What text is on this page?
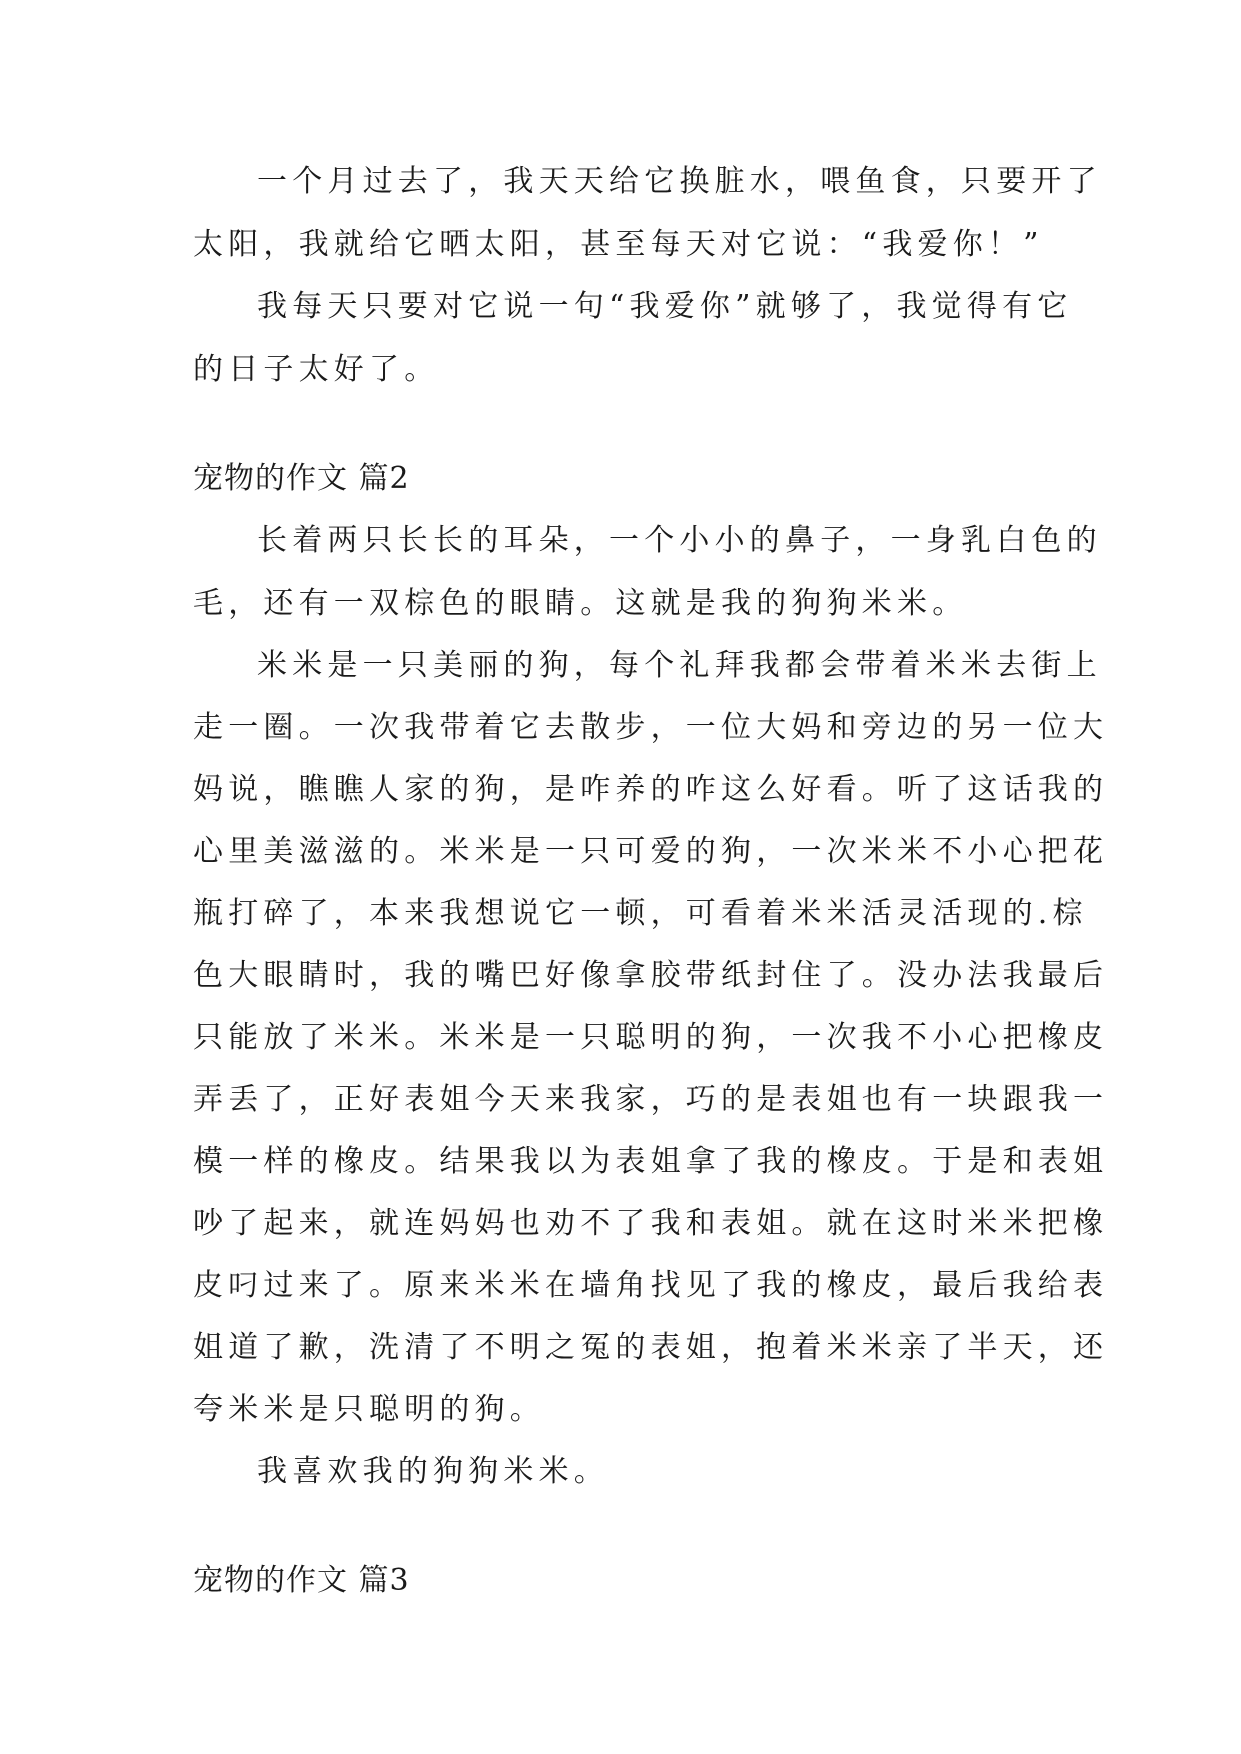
一个月过去了，我天天给它换脏水，喂鱼食，只要开了

太阳，我就给它晒太阳，甚至每天对它说：“我爱你！”

我每天只要对它说一句“我爱你”就够了，我觉得有它

的日子太好了。

宠物的作文 篇2

长着两只长长的耳朵，一个小小的鼻子，一身乳白色的

毛，还有一双棕色的眼睛。这就是我的狗狗米米。

米米是一只美丽的狗，每个礼拜我都会带着米米去街上

走一圈。一次我带着它去散步，一位大妈和旁边的另一位大

妈说，瞧瞧人家的狗，是咋养的咋这么好看。听了这话我的

心里美滋滋的。米米是一只可爱的狗，一次米米不小心把花

瓶打碎了，本来我想说它一顿，可看着米米活灵活现的.棕

色大眼睛时，我的嘴巴好像拿胶带纸封住了。没办法我最后

只能放了米米。米米是一只聪明的狗，一次我不小心把橡皮

弄丢了，正好表姐今天来我家，巧的是表姐也有一块跟我一

模一样的橡皮。结果我以为表姐拿了我的橡皮。于是和表姐

吵了起来，就连妈妈也劝不了我和表姐。就在这时米米把橡

皮叼过来了。原来米米在墙角找见了我的橡皮，最后我给表

姐道了歉，洗清了不明之冤的表姐，抱着米米亲了半天，还

夸米米是只聪明的狗。

我喜欢我的狗狗米米。

宠物的作文 篇3
